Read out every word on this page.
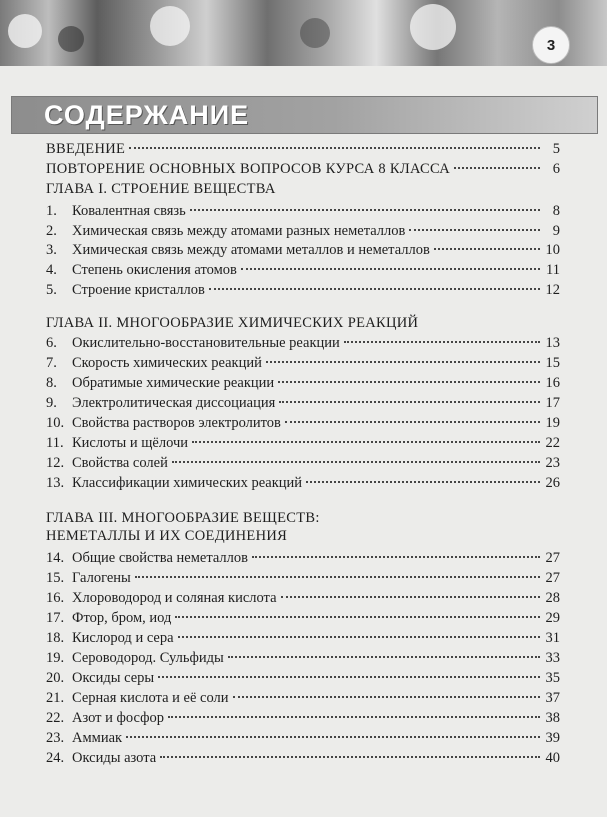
3
СОДЕРЖАНИЕ
ВВЕДЕНИЕ	5
ПОВТОРЕНИЕ ОСНОВНЫХ ВОПРОСОВ КУРСА 8 КЛАССА	6
ГЛАВА I. СТРОЕНИЕ ВЕЩЕСТВА
1.	Ковалентная связь	8
2.	Химическая связь между атомами разных неметаллов	9
3.	Химическая связь между атомами металлов и неметаллов	10
4.	Степень окисления атомов	11
5.	Строение кристаллов	12
ГЛАВА II. МНОГООБРАЗИЕ ХИМИЧЕСКИХ РЕАКЦИЙ
6.	Окислительно-восстановительные реакции	13
7.	Скорость химических реакций	15
8.	Обратимые химические реакции	16
9.	Электролитическая диссоциация	17
10. Свойства растворов электролитов	19
11. Кислоты и щёлочи	22
12. Свойства солей	23
13. Классификации химических реакций	26
ГЛАВА III. МНОГООБРАЗИЕ ВЕЩЕСТВ:
НЕМЕТАЛЛЫ И ИХ СОЕДИНЕНИЯ
14. Общие свойства неметаллов	27
15. Галогены	27
16. Хлороводород и соляная кислота	28
17. Фтор, бром, иод	29
18. Кислород и сера	31
19. Сероводород. Сульфиды	33
20. Оксиды серы	35
21. Серная кислота и её соли	37
22. Азот и фосфор	38
23. Аммиак	39
24. Оксиды азота	40
